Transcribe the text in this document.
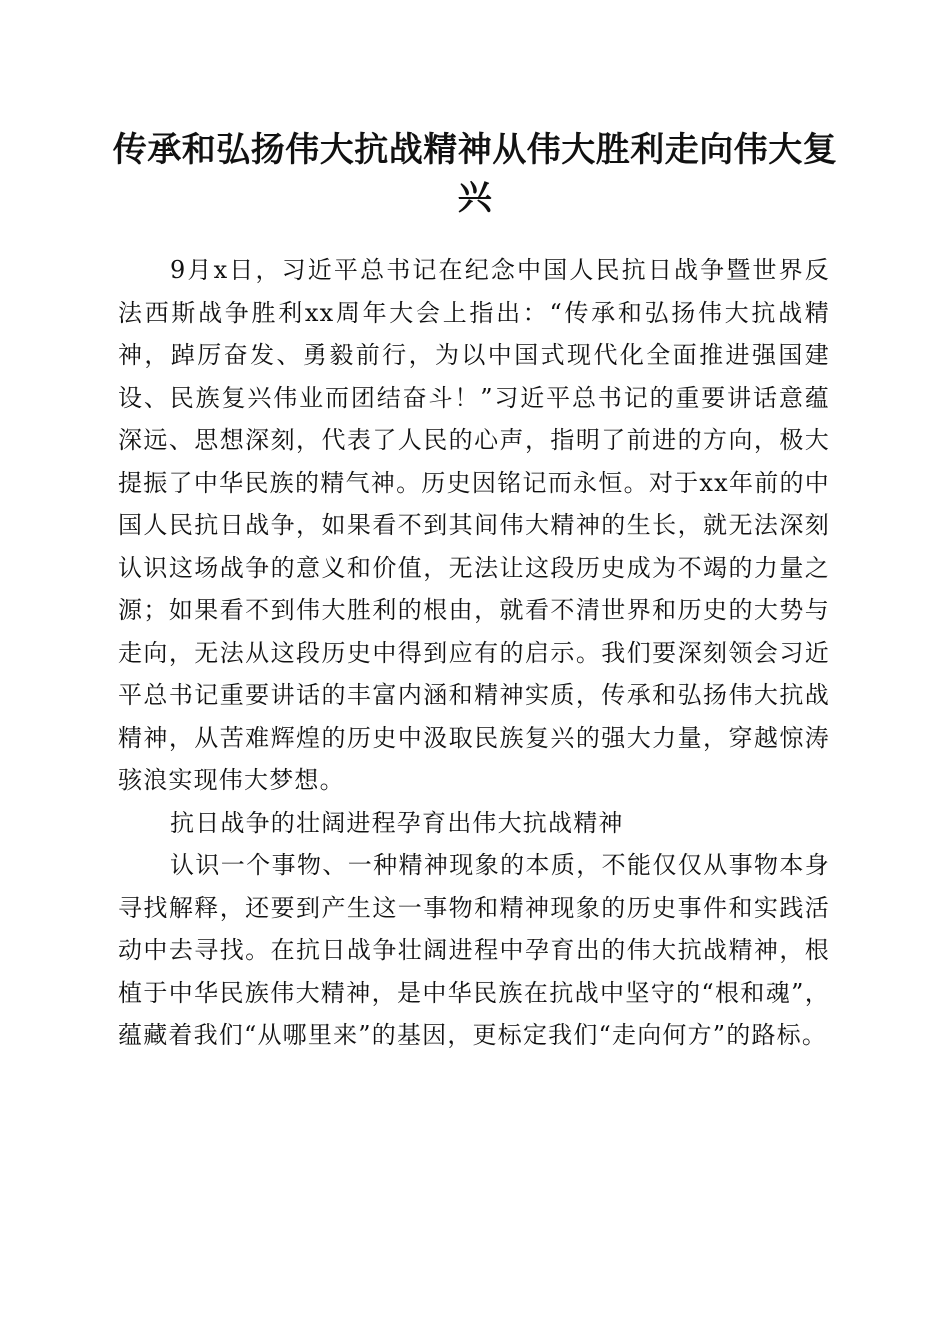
传承和弘扬伟大抗战精神从伟大胜利走向伟大复兴

9月x日，习近平总书记在纪念中国人民抗日战争暨世界反法西斯战争胜利xx周年大会上指出：“传承和弘扬伟大抗战精神，踔厉奋发、勇毅前行，为以中国式现代化全面推进强国建设、民族复兴伟业而团结奋斗！”习近平总书记的重要讲话意蕴深远、思想深刻，代表了人民的心声，指明了前进的方向，极大提振了中华民族的精气神。历史因铭记而永恒。对于xx年前的中国人民抗日战争，如果看不到其间伟大精神的生长，就无法深刻认识这场战争的意义和价值，无法让这段历史成为不竭的力量之源；如果看不到伟大胜利的根由，就看不清世界和历史的大势与走向，无法从这段历史中得到应有的启示。我们要深刻领会习近平总书记重要讲话的丰富内涵和精神实质，传承和弘扬伟大抗战精神，从苦难辉煌的历史中汲取民族复兴的强大力量，穿越惊涛骇浪实现伟大梦想。

抗日战争的壮阔进程孕育出伟大抗战精神

认识一个事物、一种精神现象的本质，不能仅仅从事物本身寻找解释，还要到产生这一事物和精神现象的历史事件和实践活动中去寻找。在抗日战争壮阔进程中孕育出的伟大抗战精神，根植于中华民族伟大精神，是中华民族在抗战中坚守的“根和魂”，蕴藏着我们“从哪里来”的基因，更标定我们“走向何方”的路标。
